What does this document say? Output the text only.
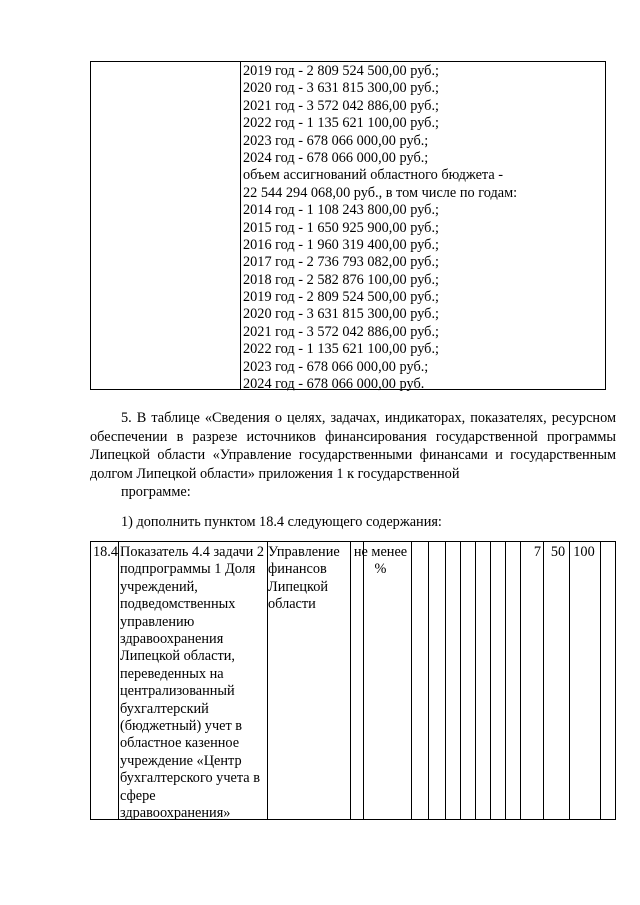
2019 год - 2 809 524 500,00 руб.;
2020 год - 3 631 815 300,00 руб.;
2021 год - 3 572 042 886,00 руб.;
2022 год - 1 135 621 100,00 руб.;
2023 год - 678 066 000,00 руб.;
2024 год - 678 066 000,00 руб.;
объем ассигнований областного бюджета -
22 544 294 068,00 руб., в том числе по годам:
2014 год - 1 108 243 800,00 руб.;
2015 год - 1 650 925 900,00 руб.;
2016 год - 1 960 319 400,00 руб.;
2017 год - 2 736 793 082,00 руб.;
2018 год - 2 582 876 100,00 руб.;
2019 год - 2 809 524 500,00 руб.;
2020 год - 3 631 815 300,00 руб.;
2021 год - 3 572 042 886,00 руб.;
2022 год - 1 135 621 100,00 руб.;
2023 год - 678 066 000,00 руб.;
2024 год - 678 066 000,00 руб.
5. В таблице «Сведения о целях, задачах, индикаторах, показателях, ресурсном обеспечении в разрезе источников финансирования государственной программы Липецкой области «Управление государственными финансами и государственным долгом Липецкой области» приложения 1 к государственной
программе:
1) дополнить пунктом 18.4 следующего содержания:
18.4 Показатель 4.4 задачи 2 подпрограммы 1 Доля учреждений, подведомственных управлению здравоохранения Липецкой области, переведенных на централизованный бухгалтерский (бюджетный) учет в областное казенное учреждение «Центр бухгалтерского учета в сфере здравоохранения»
Управление финансов Липецкой области
не менее %
7 50 100
